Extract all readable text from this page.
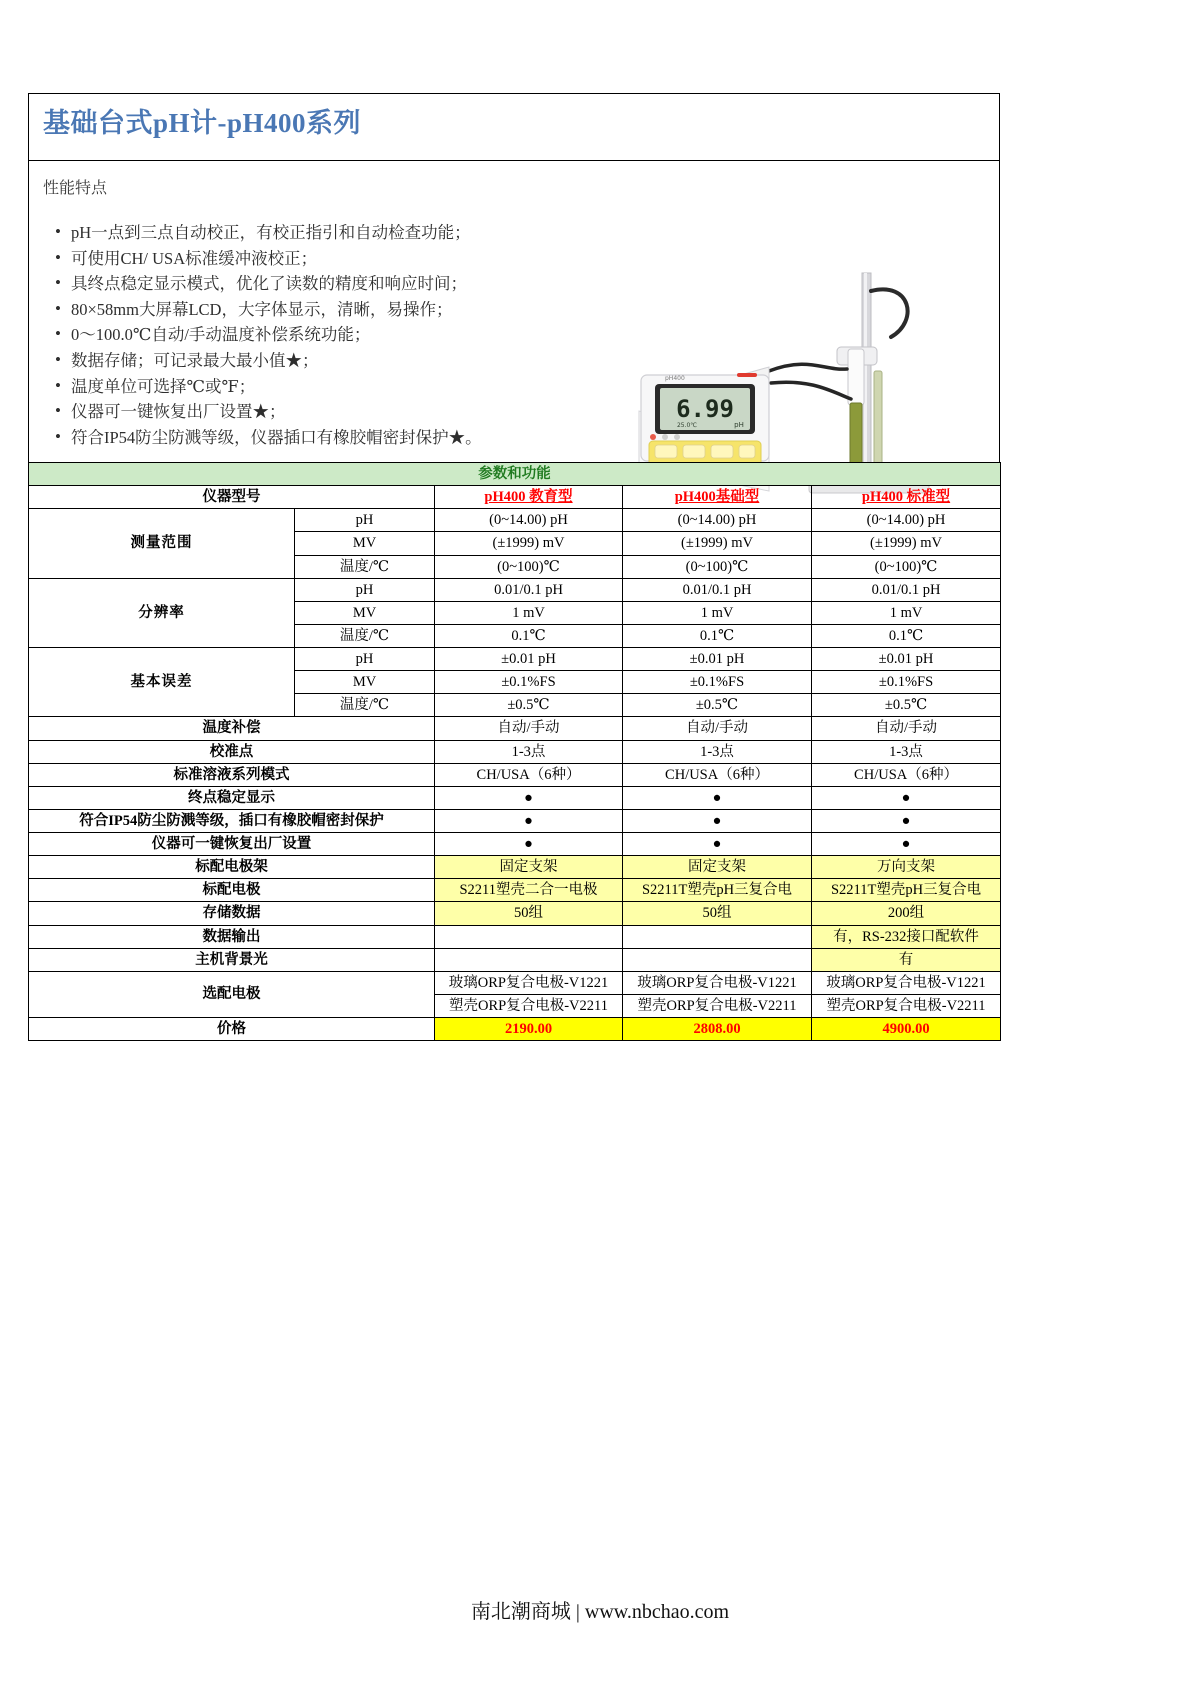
基础台式pH计-pH400系列
性能特点
• pH一点到三点自动校正，有校正指引和自动检查功能；
• 可使用CH/ USA标准缓冲液校正；
• 具终点稳定显示模式，优化了读数的精度和响应时间；
• 80×58mm大屏幕LCD，大字体显示，清晰，易操作；
• 0～100.0℃自动/手动温度补偿系统功能；
• 数据存储；可记录最大最小值★；
• 温度单位可选择℃或℉；
• 仪器可一键恢复出厂设置★；
• 符合IP54防尘防溅等级，仪器插口有橡胶帽密封保护★。
6.99
pH
25.0℃
pH400
参数和功能				
仪器型号		pH400 教育型	pH400基础型	pH400 标准型
测量范围	pH	(0~14.00) pH	(0~14.00) pH	(0~14.00) pH
	MV	(±1999) mV	(±1999) mV	(±1999) mV
	温度/℃	(0~100)℃	(0~100)℃	(0~100)℃
分辨率	pH	0.01/0.1 pH	0.01/0.1 pH	0.01/0.1 pH
	MV	1 mV	1 mV	1 mV
	温度/℃	0.1℃	0.1℃	0.1℃
基本误差	pH	±0.01 pH	±0.01 pH	±0.01 pH
	MV	±0.1%FS	±0.1%FS	±0.1%FS
	温度/℃	±0.5℃	±0.5℃	±0.5℃
温度补偿		自动/手动	自动/手动	自动/手动
校准点		1-3点	1-3点	1-3点
标准溶液系列模式		CH/USA（6种）	CH/USA（6种）	CH/USA（6种）
终点稳定显示		●	●	●
符合IP54防尘防溅等级，插口有橡胶帽密封保护		●	●	●
仪器可一键恢复出厂设置		●	●	●
标配电极架		固定支架	固定支架	万向支架
标配电极		S2211塑壳二合一电极	S2211T塑壳pH三复合电	S2211T塑壳pH三复合电
存储数据		50组	50组	200组
数据输出				有，RS-232接口配软件
主机背景光				有
选配电极		玻璃ORP复合电极-V1221	玻璃ORP复合电极-V1221	玻璃ORP复合电极-V1221
		塑壳ORP复合电极-V2211	塑壳ORP复合电极-V2211	塑壳ORP复合电极-V2211
价格		2190.00	2808.00	4900.00
南北潮商城 | www.nbchao.com
